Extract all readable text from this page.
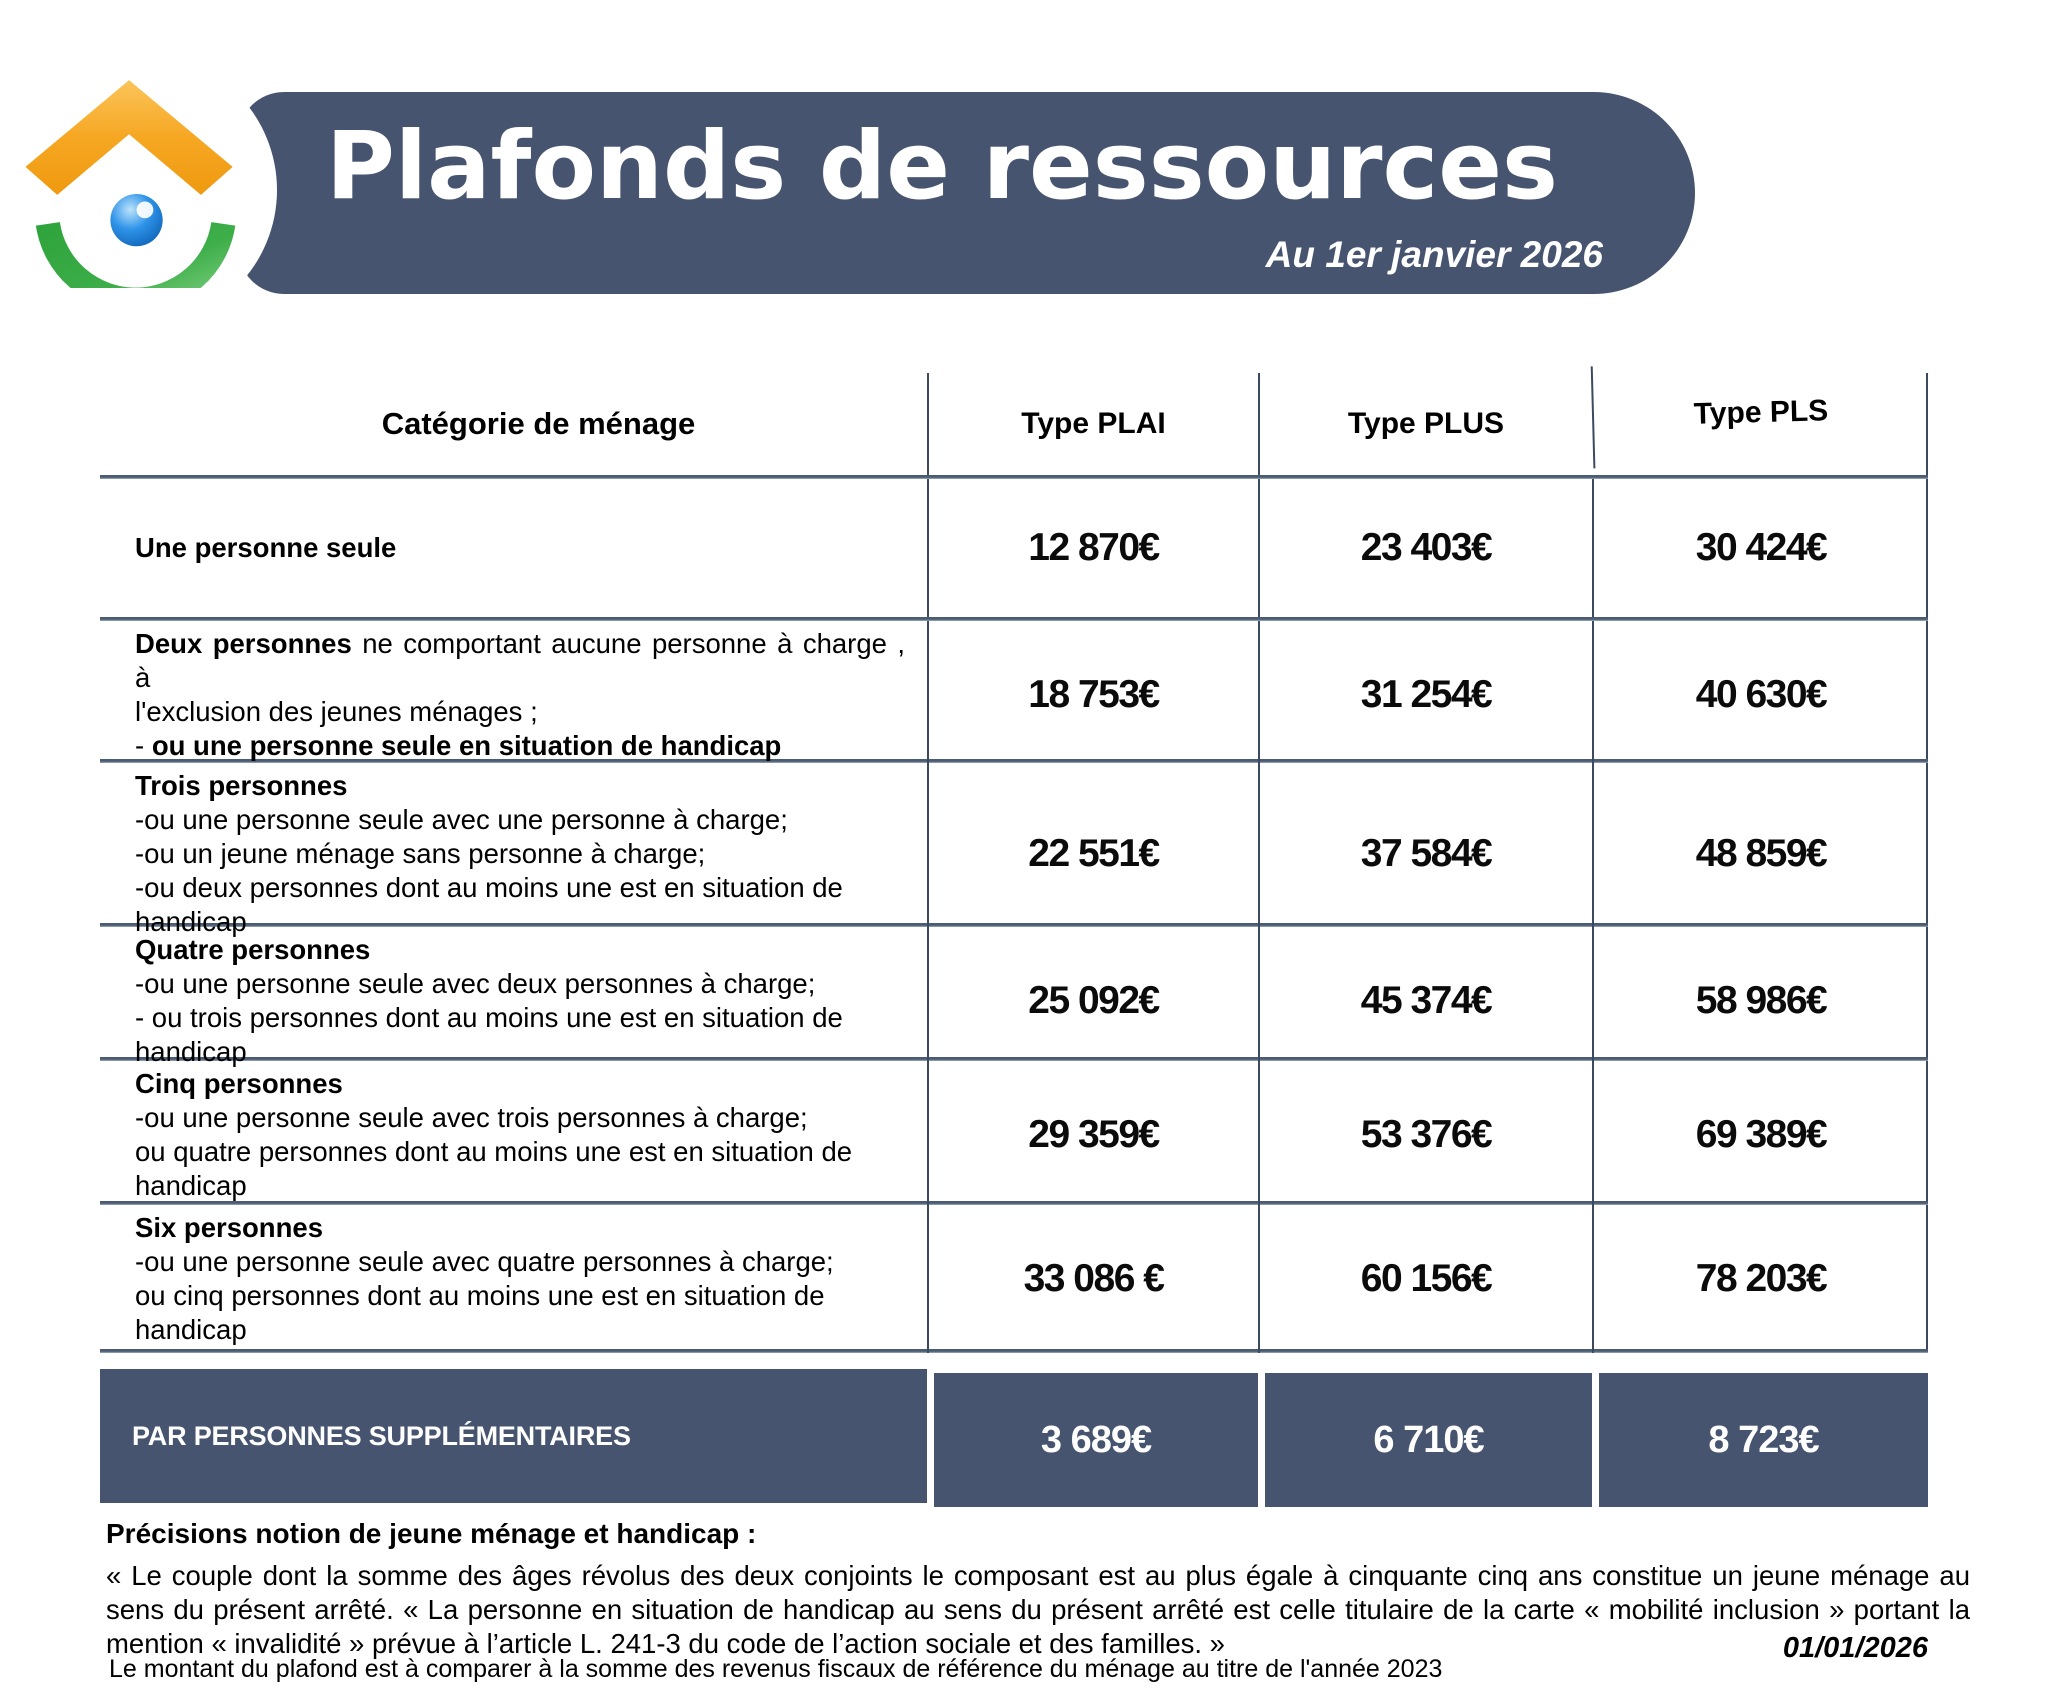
Plafonds de ressources
Au 1er janvier 2026
Catégorie de ménage	Type PLAI	Type PLUS	Type PLS
Une personne seule	12 870€	23 403€	30 424€
Deux personnes ne comportant aucune personne à charge , à
l'exclusion des jeunes ménages ;
- ou une personne seule en situation de handicap
18 753€	31 254€	40 630€
Trois personnes
-ou une personne seule avec une personne à charge;
-ou un jeune ménage sans personne à charge;
-ou deux personnes dont au moins une est en situation de handicap
22 551€	37 584€	48 859€
Quatre personnes
-ou une personne seule avec deux personnes à charge;
- ou trois personnes dont au moins une est en situation de handicap
25 092€	45 374€	58 986€
Cinq personnes
-ou une personne seule avec trois personnes à charge;
ou quatre personnes dont au moins une est en situation de handicap
29 359€	53 376€	69 389€
Six personnes
-ou une personne seule avec quatre personnes à charge;
ou cinq personnes dont au moins une est en situation de handicap
33 086 €	60 156€	78 203€
PAR PERSONNES SUPPLÉMENTAIRES	3 689€	6 710€	8 723€
Précisions notion de jeune ménage et handicap :
« Le couple dont la somme des âges révolus des deux conjoints le composant est au plus égale à cinquante cinq ans constitue un jeune ménage au sens du présent arrêté. « La personne en situation de handicap au sens du présent arrêté est celle titulaire de la carte « mobilité inclusion » portant la mention « invalidité » prévue à l’article L. 241-3 du code de l’action sociale et des familles. »
Le montant du plafond est à comparer à la somme des revenus fiscaux de référence du ménage au titre de l'année 2023
01/01/2026
